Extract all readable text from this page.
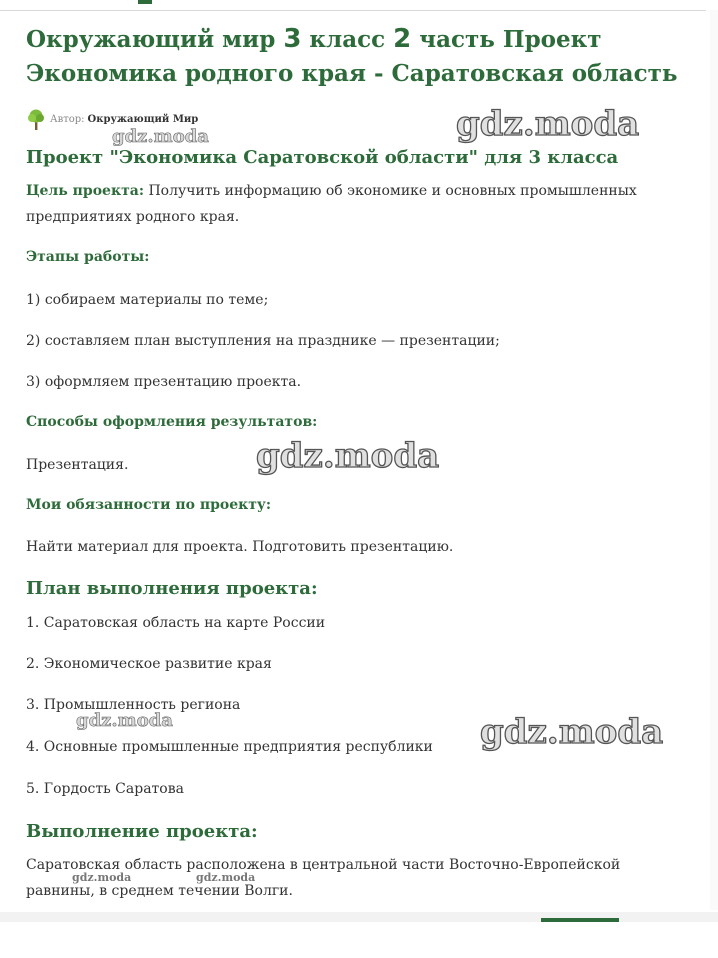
Окружающий мир 3 класс 2 часть Проект
Экономика родного края - Саратовская область
Автор: Окружающий Мир	gdz.moda
gdz.moda
gdz.moda
gdz.moda	gdz.moda
gdz.moda	gdz.moda
Проект "Экономика Саратовской области" для 3 класса
Цель проекта: Получить информацию об экономике и основных промышленных предприятиях родного края.
Этапы работы:
1) собираем материалы по теме;
2) составляем план выступления на празднике — презентации;
3) оформляем презентацию проекта.
Способы оформления результатов:
Презентация.
Мои обязанности по проекту:
Найти материал для проекта. Подготовить презентацию.
План выполнения проекта:
1. Саратовская область на карте России
2. Экономическое развитие края
3. Промышленность региона
4. Основные промышленные предприятия республики
5. Гордость Саратова
Выполнение проекта:
Саратовская область расположена в центральной части Восточно-Европейской равнины, в среднем течении Волги.
